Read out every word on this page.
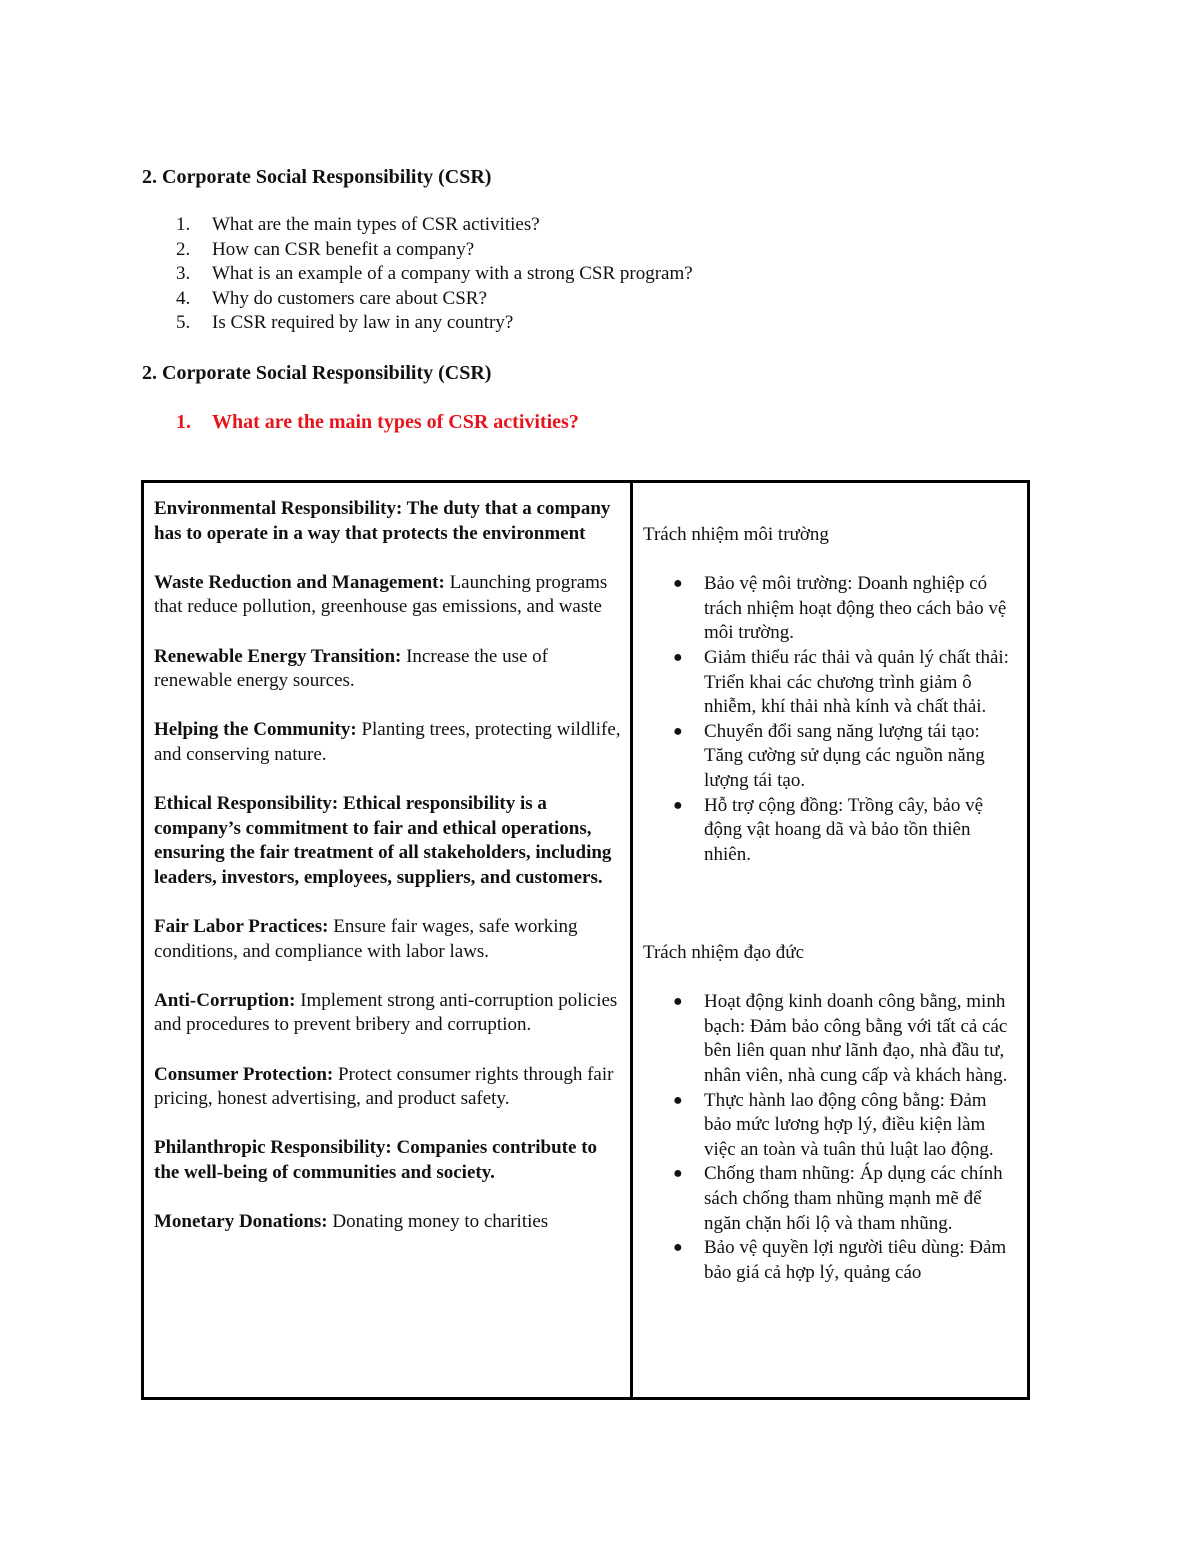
2. Corporate Social Responsibility (CSR)
1. What are the main types of CSR activities?
2. How can CSR benefit a company?
3. What is an example of a company with a strong CSR program?
4. Why do customers care about CSR?
5. Is CSR required by law in any country?
2. Corporate Social Responsibility (CSR)
1. What are the main types of CSR activities?

Environmental Responsibility: The duty that a company has to operate in a way that protects the environment

Waste Reduction and Management: Launching programs that reduce pollution, greenhouse gas emissions, and waste

Renewable Energy Transition: Increase the use of renewable energy sources.

Helping the Community: Planting trees, protecting wildlife, and conserving nature.

Ethical Responsibility: Ethical responsibility is a company’s commitment to fair and ethical operations, ensuring the fair treatment of all stakeholders, including leaders, investors, employees, suppliers, and customers.

Fair Labor Practices: Ensure fair wages, safe working conditions, and compliance with labor laws.

Anti-Corruption: Implement strong anti-corruption policies and procedures to prevent bribery and corruption.

Consumer Protection: Protect consumer rights through fair pricing, honest advertising, and product safety.

Philanthropic Responsibility: Companies contribute to the well-being of communities and society.

Monetary Donations: Donating money to charities

Trách nhiệm môi trường

● Bảo vệ môi trường: Doanh nghiệp có trách nhiệm hoạt động theo cách bảo vệ môi trường.
● Giảm thiểu rác thải và quản lý chất thải: Triển khai các chương trình giảm ô nhiễm, khí thải nhà kính và chất thải.
● Chuyển đổi sang năng lượng tái tạo: Tăng cường sử dụng các nguồn năng lượng tái tạo.
● Hỗ trợ cộng đồng: Trồng cây, bảo vệ động vật hoang dã và bảo tồn thiên nhiên.

Trách nhiệm đạo đức

● Hoạt động kinh doanh công bằng, minh bạch: Đảm bảo công bằng với tất cả các bên liên quan như lãnh đạo, nhà đầu tư, nhân viên, nhà cung cấp và khách hàng.
● Thực hành lao động công bằng: Đảm bảo mức lương hợp lý, điều kiện làm việc an toàn và tuân thủ luật lao động.
● Chống tham nhũng: Áp dụng các chính sách chống tham nhũng mạnh mẽ để ngăn chặn hối lộ và tham nhũng.
● Bảo vệ quyền lợi người tiêu dùng: Đảm bảo giá cả hợp lý, quảng cáo
